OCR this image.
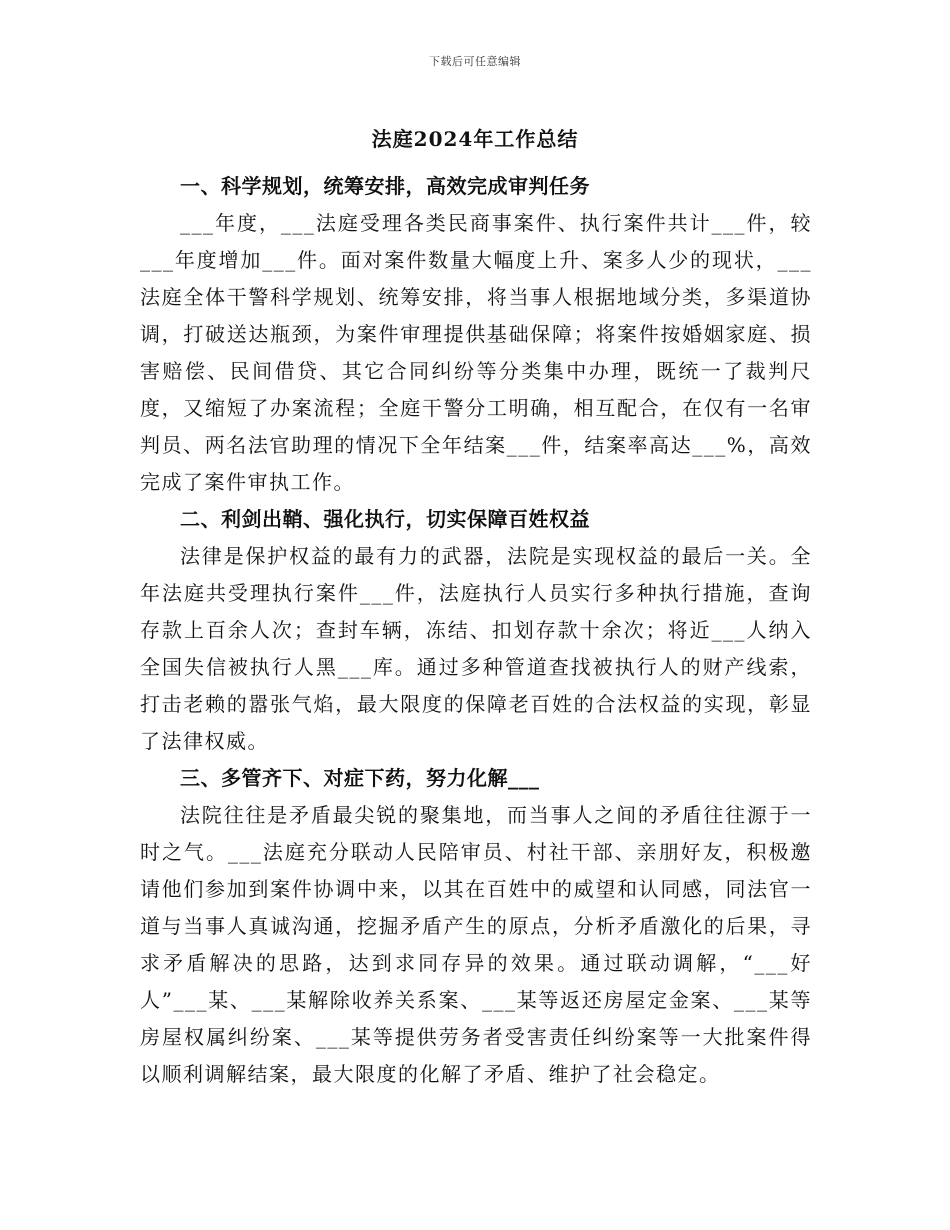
下载后可任意编辑
法庭2024年工作总结

一、科学规划，统筹安排，高效完成审判任务

___年度，___法庭受理各类民商事案件、执行案件共计___件，较___年度增加___件。面对案件数量大幅度上升、案多人少的现状，___法庭全体干警科学规划、统筹安排，将当事人根据地域分类，多渠道协调，打破送达瓶颈，为案件审理提供基础保障；将案件按婚姻家庭、损害赔偿、民间借贷、其它合同纠纷等分类集中办理，既统一了裁判尺度，又缩短了办案流程；全庭干警分工明确，相互配合，在仅有一名审判员、两名法官助理的情况下全年结案___件，结案率高达___%，高效完成了案件审执工作。

二、利剑出鞘、强化执行，切实保障百姓权益

法律是保护权益的最有力的武器，法院是实现权益的最后一关。全年法庭共受理执行案件___件，法庭执行人员实行多种执行措施，查询存款上百余人次；查封车辆，冻结、扣划存款十余次；将近___人纳入全国失信被执行人黑___库。通过多种管道查找被执行人的财产线索，打击老赖的嚣张气焰，最大限度的保障老百姓的合法权益的实现，彰显了法律权威。

三、多管齐下、对症下药，努力化解___

法院往往是矛盾最尖锐的聚集地，而当事人之间的矛盾往往源于一时之气。___法庭充分联动人民陪审员、村社干部、亲朋好友，积极邀请他们参加到案件协调中来，以其在百姓中的威望和认同感，同法官一道与当事人真诚沟通，挖掘矛盾产生的原点，分析矛盾激化的后果，寻求矛盾解决的思路，达到求同存异的效果。通过联动调解，“___好人”___某、___某解除收养关系案、___某等返还房屋定金案、___某等房屋权属纠纷案、___某等提供劳务者受害责任纠纷案等一大批案件得以顺利调解结案，最大限度的化解了矛盾、维护了社会稳定。
